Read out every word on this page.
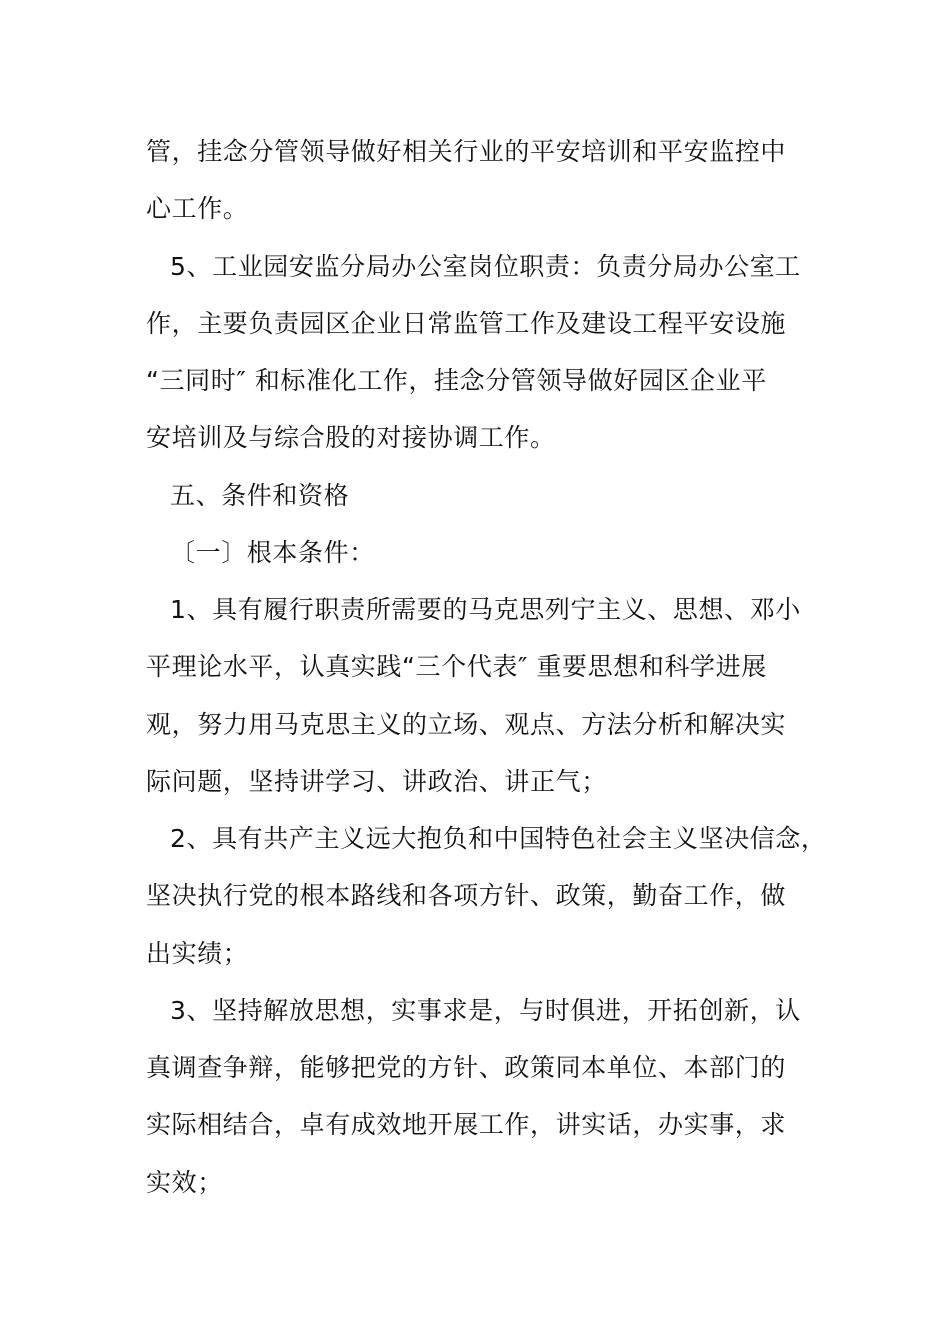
管，挂念分管领导做好相关行业的平安培训和平安监控中
心工作。
5、工业园安监分局办公室岗位职责：负责分局办公室工
作，主要负责园区企业日常监管工作及建设工程平安设施
“三同时″ 和标准化工作，挂念分管领导做好园区企业平
安培训及与综合股的对接协调工作。
五、条件和资格
〔一〕根本条件：
1、具有履行职责所需要的马克思列宁主义、思想、邓小
平理论水平，认真实践“三个代表″ 重要思想和科学进展
观，努力用马克思主义的立场、观点、方法分析和解决实
际问题，坚持讲学习、讲政治、讲正气；
2、具有共产主义远大抱负和中国特色社会主义坚决信念，
坚决执行党的根本路线和各项方针、政策，勤奋工作，做
出实绩；
3、坚持解放思想，实事求是，与时俱进，开拓创新，认
真调查争辩，能够把党的方针、政策同本单位、本部门的
实际相结合，卓有成效地开展工作，讲实话，办实事，求
实效；
